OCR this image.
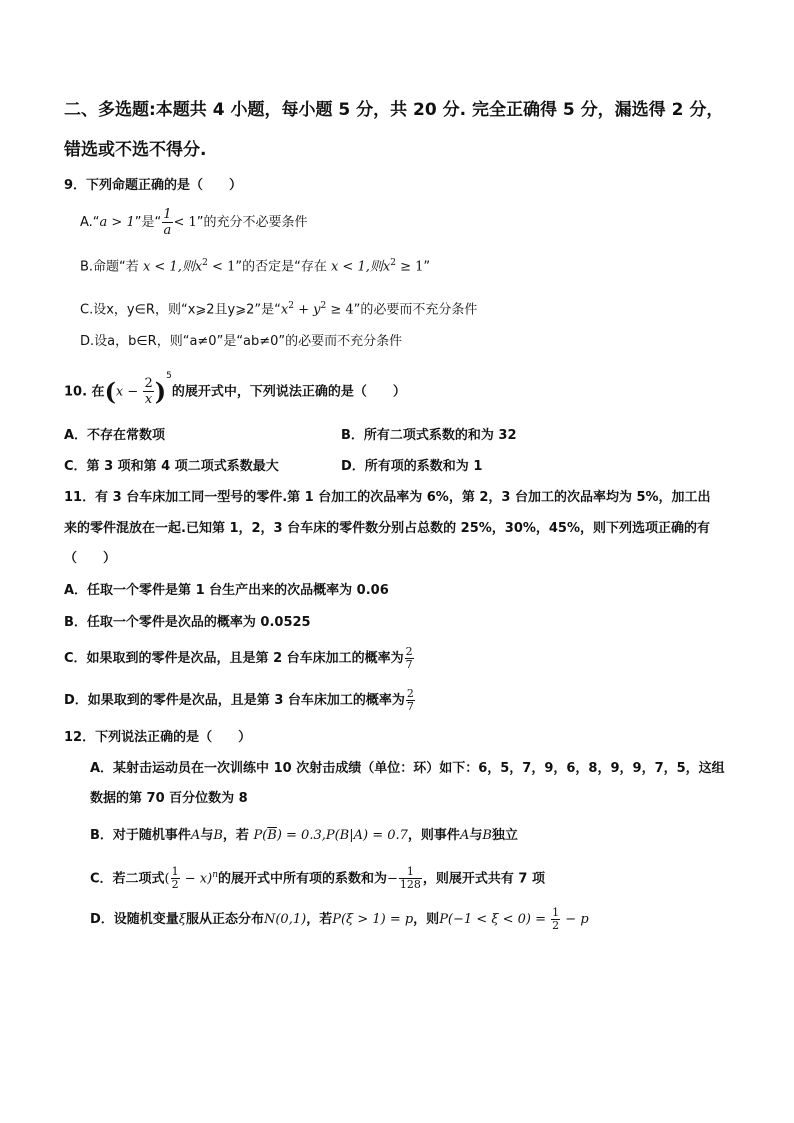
二、多选题:本题共 4 小题，每小题 5 分，共 20 分. 完全正确得 5 分，漏选得 2 分，
错选或不选不得分.
9．下列命题正确的是（　　）
A.“a > 1”是“ $\frac{1}{a} < 1$”的充分不必要条件
B.命题“若 x < 1,则$x^2 < 1$”的否定是“存在 x < 1,则$x^2 \ge 1$”
C.设x，y∈R，则“x⩾2且y⩾2”是“$x^2 + y^2 \ge 4$”的必要而不充分条件
D.设a，b∈R，则“a≠0”是“ab≠0”的必要而不充分条件
10. 在$(x - \frac{2}{x} )^5$的展开式中，下列说法正确的是（　　）
A．不存在常数项	B．所有二项式系数的和为 32
C．第 3 项和第 4 项二项式系数最大	D．所有项的系数和为 1
11．有 3 台车床加工同一型号的零件.第 1 台加工的次品率为 6%，第 2，3 台加工的次品率均为 5%，加工出
来的零件混放在一起.已知第 1，2，3 台车床的零件数分别占总数的 25%，30%，45%，则下列选项正确的有
（　　）
A．任取一个零件是第 1 台生产出来的次品概率为 0.06
B．任取一个零件是次品的概率为 0.0525
C．如果取到的零件是次品，且是第 2 台车床加工的概率为 $\frac{2}{7}$
D．如果取到的零件是次品，且是第 3 台车床加工的概率为 $\frac{2}{7}$
12．下列说法正确的是（　　）
A．某射击运动员在一次训练中 10 次射击成绩（单位：环）如下：6，5，7，9，6，8，9，9，7，5，这组
数据的第 70 百分位数为 8
B．对于随机事件A与B，若 $P(\overline{B}) = 0.3,P(B|A) = 0.7$，则事件A与B独立
C．若二项式( $\frac{1}{2} - x)^n$的展开式中所有项的系数和为− $\frac{1}{128}$ ，则展开式共有 7 项
D．设随机变量ξ服从正态分布N(0,1)，若P(ξ > 1) = p，则$P(-1 < \xi < 0) = \frac{1}{2} - p$
